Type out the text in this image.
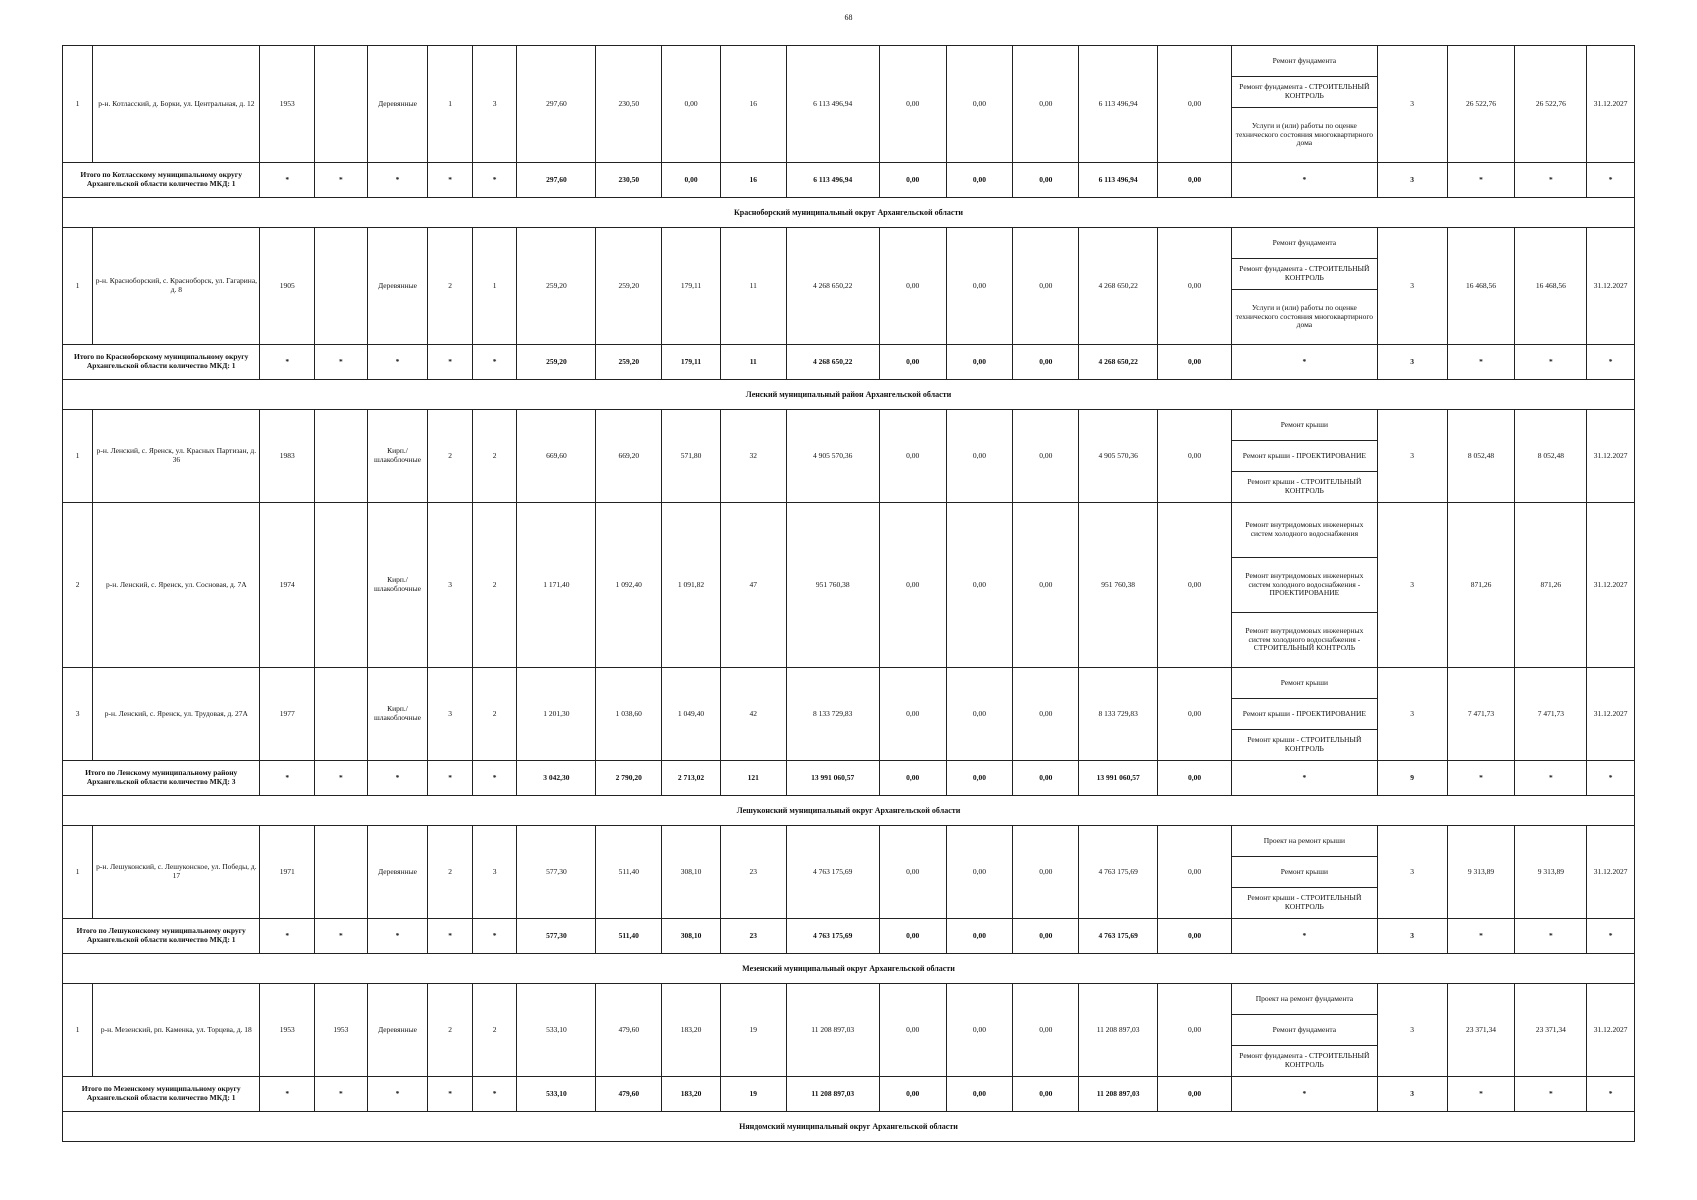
68
1	р-н. Котласский, д. Борки, ул. Центральная, д. 12	1953		Деревянные	1	3	297,60	230,50	0,00	16	6 113 496,94	0,00	0,00	0,00	6 113 496,94	0,00	Ремонт фундамента	3	26 522,76	26 522,76	31.12.2027
																	Ремонт фундамента - СТРОИТЕЛЬНЫЙ КОНТРОЛЬ				
																	Услуги и (или) работы по оценке технического состояния многоквартирного дома				
Итого по Котласскому муниципальному округу Архангельской области количество МКД: 1		*	*	*	*	*	297,60	230,50	0,00	16	6 113 496,94	0,00	0,00	0,00	6 113 496,94	0,00	*	3	*	*	*
Красноборский муниципальный округ Архангельской области																					
1	р-н. Красноборский, с. Красноборск, ул. Гагарина, д. 8	1905		Деревянные	2	1	259,20	259,20	179,11	11	4 268 650,22	0,00	0,00	0,00	4 268 650,22	0,00	Ремонт фундамента	3	16 468,56	16 468,56	31.12.2027
																	Ремонт фундамента - СТРОИТЕЛЬНЫЙ КОНТРОЛЬ				
																	Услуги и (или) работы по оценке технического состояния многоквартирного дома				
Итого по Красноборскому муниципальному округу Архангельской области количество МКД: 1		*	*	*	*	*	259,20	259,20	179,11	11	4 268 650,22	0,00	0,00	0,00	4 268 650,22	0,00	*	3	*	*	*
Ленский муниципальный район Архангельской области																					
1	р-н. Ленский, с. Яренск, ул. Красных Партизан, д. 36	1983		Кирп./шлакоблочные	2	2	669,60	669,20	571,80	32	4 905 570,36	0,00	0,00	0,00	4 905 570,36	0,00	Ремонт крыши	3	8 052,48	8 052,48	31.12.2027
																	Ремонт крыши - ПРОЕКТИРОВАНИЕ				
																	Ремонт крыши - СТРОИТЕЛЬНЫЙ КОНТРОЛЬ				
2	р-н. Ленский, с. Яренск, ул. Сосновая, д. 7А	1974		Кирп./шлакоблочные	3	2	1 171,40	1 092,40	1 091,82	47	951 760,38	0,00	0,00	0,00	951 760,38	0,00	Ремонт внутридомовых инженерных систем холодного водоснабжения	3	871,26	871,26	31.12.2027
																	Ремонт внутридомовых инженерных систем холодного водоснабжения - ПРОЕКТИРОВАНИЕ				
																	Ремонт внутридомовых инженерных систем холодного водоснабжения - СТРОИТЕЛЬНЫЙ КОНТРОЛЬ				
3	р-н. Ленский, с. Яренск, ул. Трудовая, д. 27А	1977		Кирп./шлакоблочные	3	2	1 201,30	1 038,60	1 049,40	42	8 133 729,83	0,00	0,00	0,00	8 133 729,83	0,00	Ремонт крыши	3	7 471,73	7 471,73	31.12.2027
																	Ремонт крыши - ПРОЕКТИРОВАНИЕ				
																	Ремонт крыши - СТРОИТЕЛЬНЫЙ КОНТРОЛЬ				
Итого по Ленскому муниципальному району Архангельской области количество МКД: 3		*	*	*	*	*	3 042,30	2 790,20	2 713,02	121	13 991 060,57	0,00	0,00	0,00	13 991 060,57	0,00	*	9	*	*	*
Лешуконский муниципальный округ Архангельской области																					
1	р-н. Лешуконский, с. Лешуконское, ул. Победы, д. 17	1971		Деревянные	2	3	577,30	511,40	308,10	23	4 763 175,69	0,00	0,00	0,00	4 763 175,69	0,00	Проект на ремонт крыши	3	9 313,89	9 313,89	31.12.2027
																	Ремонт крыши				
																	Ремонт крыши - СТРОИТЕЛЬНЫЙ КОНТРОЛЬ				
Итого по Лешуконскому муниципальному округу Архангельской области количество МКД: 1		*	*	*	*	*	577,30	511,40	308,10	23	4 763 175,69	0,00	0,00	0,00	4 763 175,69	0,00	*	3	*	*	*
Мезенский муниципальный округ Архангельской области																					
1	р-н. Мезенский, рп. Каменка, ул. Торцева, д. 18	1953	1953	Деревянные	2	2	533,10	479,60	183,20	19	11 208 897,03	0,00	0,00	0,00	11 208 897,03	0,00	Проект на ремонт фундамента	3	23 371,34	23 371,34	31.12.2027
																	Ремонт фундамента				
																	Ремонт фундамента - СТРОИТЕЛЬНЫЙ КОНТРОЛЬ				
Итого по Мезенскому муниципальному округу Архангельской области количество МКД: 1		*	*	*	*	*	533,10	479,60	183,20	19	11 208 897,03	0,00	0,00	0,00	11 208 897,03	0,00	*	3	*	*	*
Няндомский муниципальный округ Архангельской области																					
